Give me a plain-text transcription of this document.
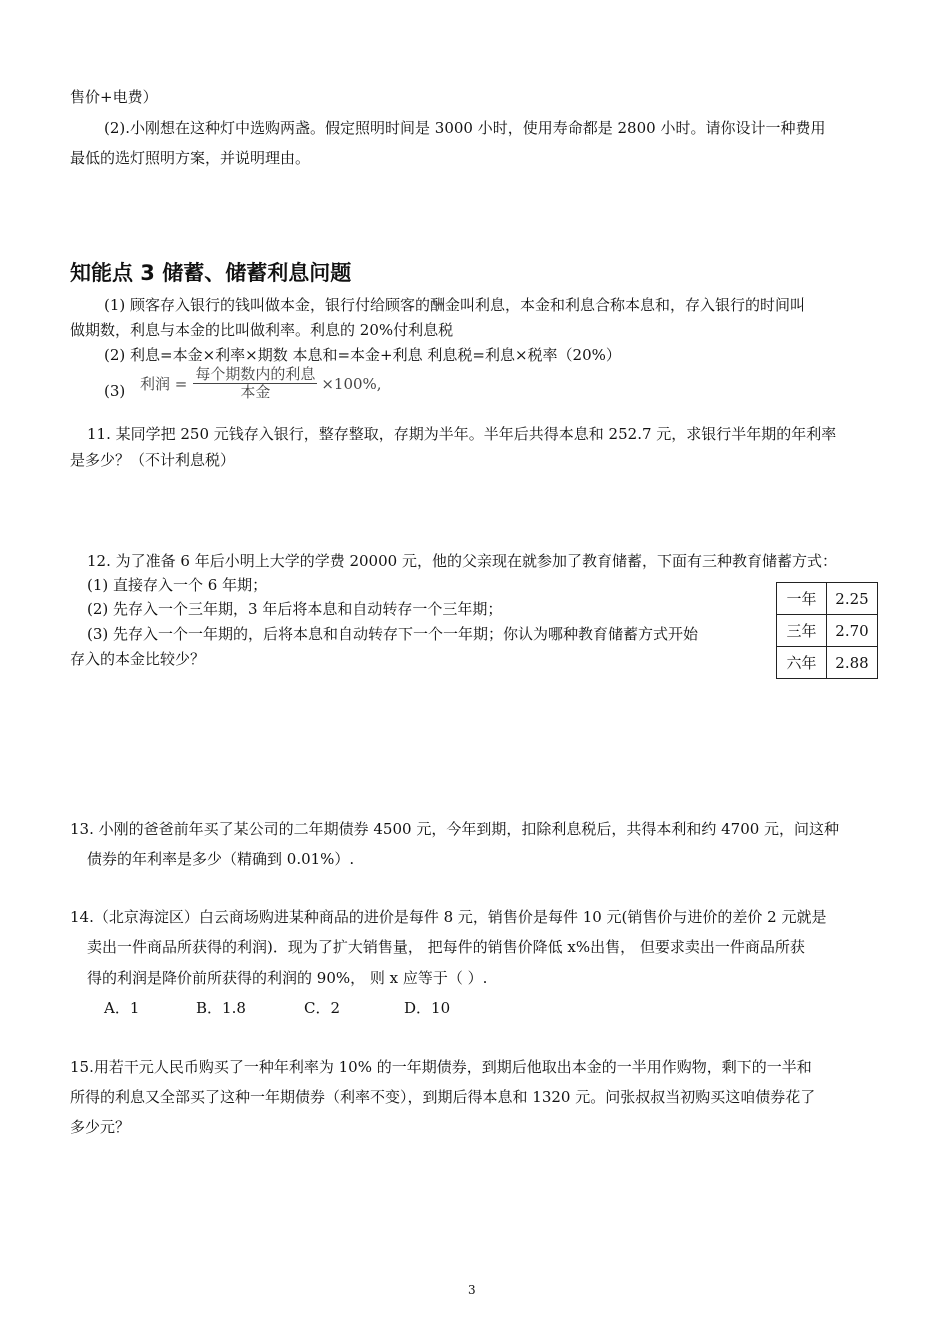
售价+电费）
(2).小刚想在这种灯中选购两盏。假定照明时间是 3000 小时，使用寿命都是 2800 小时。请你设计一种费用
最低的选灯照明方案，并说明理由。
知能点 3 储蓄、储蓄利息问题
(1) 顾客存入银行的钱叫做本金，银行付给顾客的酬金叫利息，本金和利息合称本息和，存入银行的时间叫
做期数，利息与本金的比叫做利率。利息的 20%付利息税
(2) 利息=本金×利率×期数 本息和=本金+利息 利息税=利息×税率（20%）
(3) 利润 = $\frac{\text{每个期数内的利息}}{\text{本金}} \times 100\%$,
11. 某同学把 250 元钱存入银行，整存整取，存期为半年。半年后共得本息和 252.7 元，求银行半年期的年利率
是多少？（不计利息税）
12. 为了准备 6 年后小明上大学的学费 20000 元，他的父亲现在就参加了教育储蓄，下面有三种教育储蓄方式：
(1) 直接存入一个 6 年期；
(2) 先存入一个三年期，3 年后将本息和自动转存一个三年期；
(3) 先存入一个一年期的，后将本息和自动转存下一个一年期；你认为哪种教育储蓄方式开始
存入的本金比较少？
一年	2.25
三年	2.70
六年	2.88
13. 小刚的爸爸前年买了某公司的二年期债券 4500 元，今年到期，扣除利息税后，共得本利和约 4700 元，问这种
债券的年利率是多少（精确到 0.01%）.
14.（北京海淀区）白云商场购进某种商品的进价是每件 8 元，销售价是每件 10 元(销售价与进价的差价 2 元就是
卖出一件商品所获得的利润)．现为了扩大销售量， 把每件的销售价降低 x%出售， 但要求卖出一件商品所获
得的利润是降价前所获得的利润的 90%， 则 x 应等于（ ）.
A．1	B．1.8	C．2	D．10
15.用若干元人民币购买了一种年利率为 10% 的一年期债券，到期后他取出本金的一半用作购物，剩下的一半和
所得的利息又全部买了这种一年期债券（利率不变），到期后得本息和 1320 元。问张叔叔当初购买这咱债券花了
多少元？
3
